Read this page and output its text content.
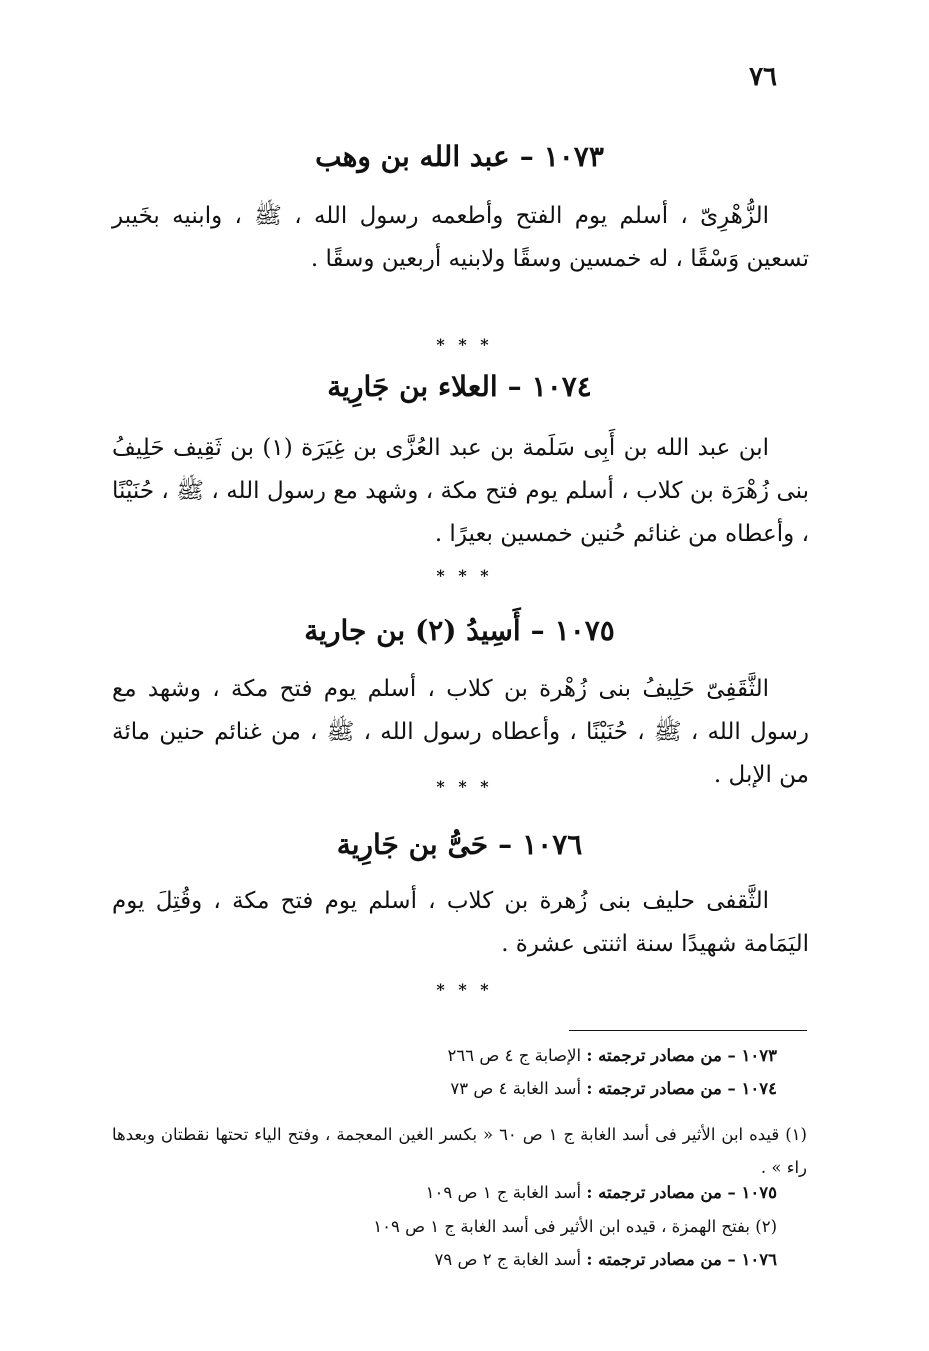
٧٦
١٠٧٣–عبد الله بن وهب
الزُّهْرِىّ ، أسلم يوم الفتح وأطعمه رسول الله ، ﷺ ، وابنيه بخَيبر تسعين وَسْقًا ، له خمسين وسقًا ولابنيه أربعين وسقًا .
* * *
١٠٧٤–العلاء بن جَارِية
ابن عبد الله بن أَبِى سَلَمة بن عبد العُزَّى بن غِيَرَة (١) بن ثَقِيف حَلِيفُ بنى زُهْرَة بن كلاب ، أسلم يوم فتح مكة ، وشهد مع رسول الله ، ﷺ ، حُنَيْنًا ، وأعطاه من غنائم حُنين خمسين بعيرًا .
* * *
١٠٧٥–أَسِيدُ (٢) بن جارية
الثَّقَفِىّ حَلِيفُ بنى زُهْرة بن كلاب ، أسلم يوم فتح مكة ، وشهد مع رسول الله ، ﷺ ، حُنَيْنًا ، وأعطاه رسول الله ، ﷺ ، من غنائم حنين مائة من الإبل .
* * *
١٠٧٦–حَىُّ بن جَارِية
الثَّقفى حليف بنى زُهرة بن كلاب ، أسلم يوم فتح مكة ، وقُتِلَ يوم اليَمَامة شهيدًا سنة اثنتى عشرة .
* * *
١٠٧٣ – من مصادر ترجمته : الإصابة ج ٤ ص ٢٦٦
١٠٧٤ – من مصادر ترجمته : أسد الغابة ٤ ص ٧٣
(١) قيده ابن الأثير فى أسد الغابة ج ١ ص ٦٠ « بكسر الغين المعجمة ، وفتح الياء تحتها نقطتان وبعدها راء » .
١٠٧٥ – من مصادر ترجمته : أسد الغابة ج ١ ص ١٠٩
(٢) بفتح الهمزة ، قيده ابن الأثير فى أسد الغابة ج ١ ص ١٠٩
١٠٧٦ – من مصادر ترجمته : أسد الغابة ج ٢ ص ٧٩
